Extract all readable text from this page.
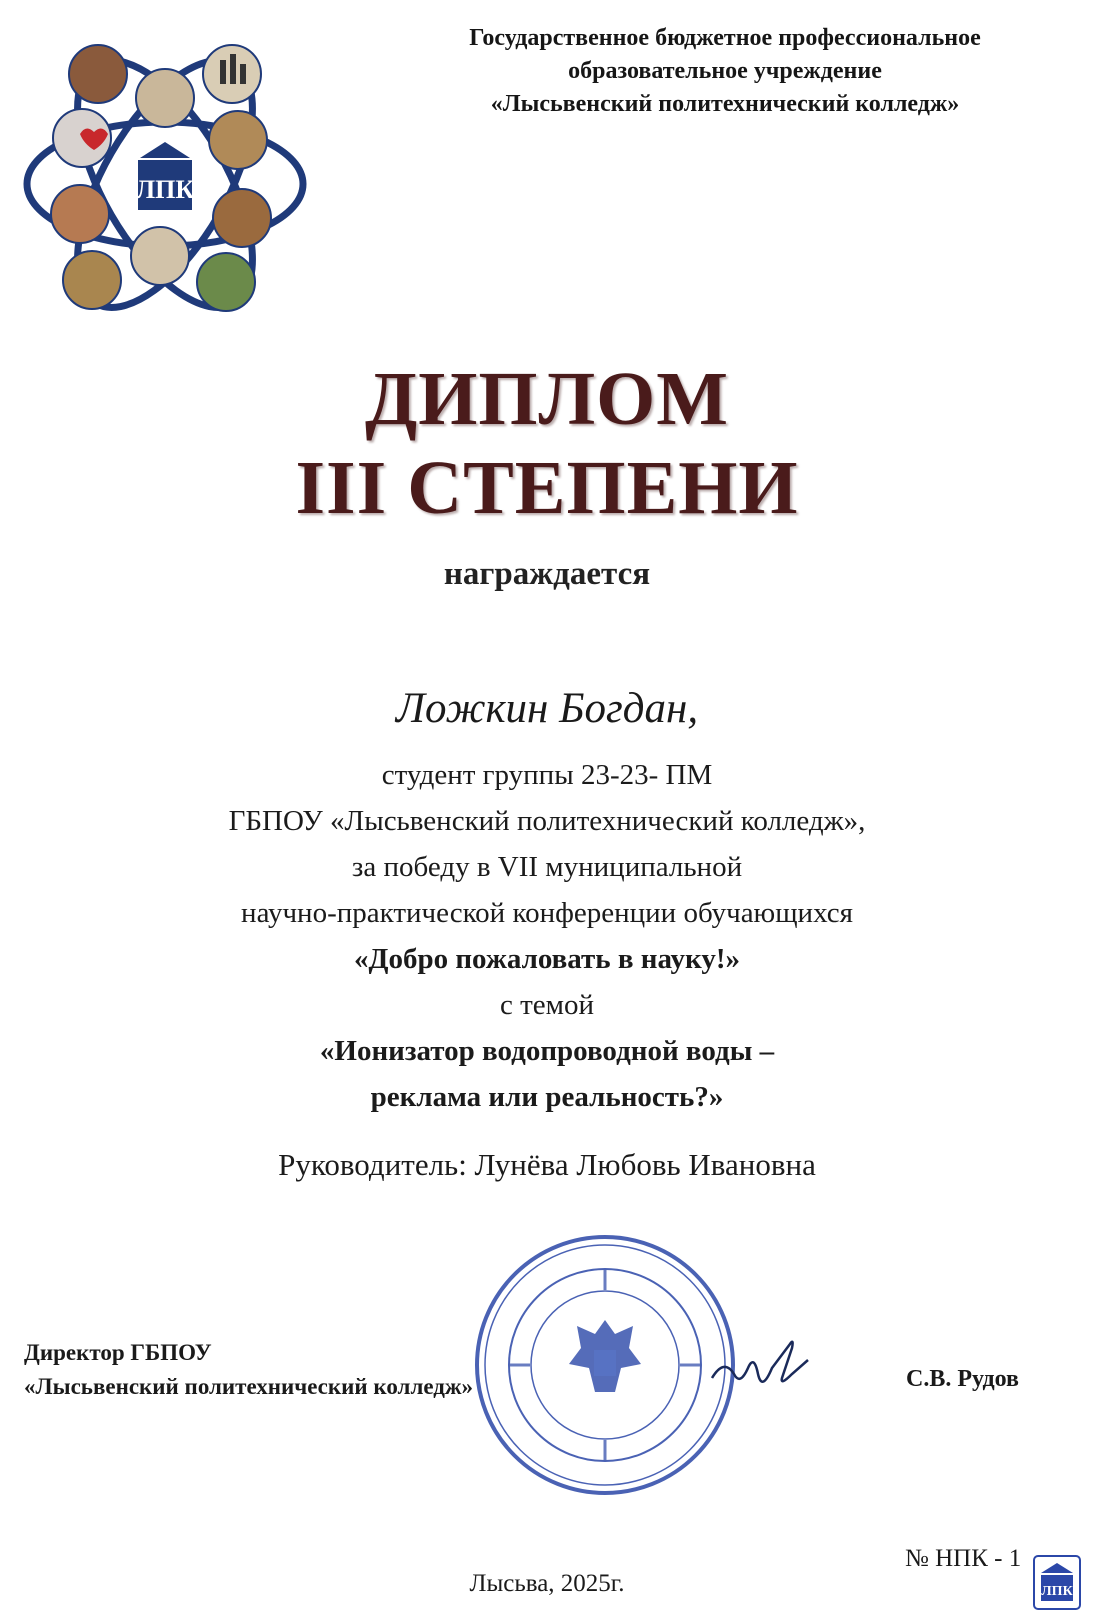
ЛПК
Государственное бюджетное профессиональное
образовательное учреждение
«Лысьвенский политехнический колледж»
ДИПЛОМ
III СТЕПЕНИ
награждается
Ложкин Богдан,
студент группы 23-23- ПМ
ГБПОУ «Лысьвенский политехнический колледж»,
за победу в VII муниципальной
научно-практической конференции обучающихся
«Добро пожаловать в науку!»
с темой
«Ионизатор водопроводной воды –
реклама или реальность?»
Руководитель: Лунёва Любовь Ивановна
Директор ГБПОУ
«Лысьвенский политехнический колледж»	С.В. Рудов
Лысьва, 2025г.
№ НПК - 1
ЛПК
